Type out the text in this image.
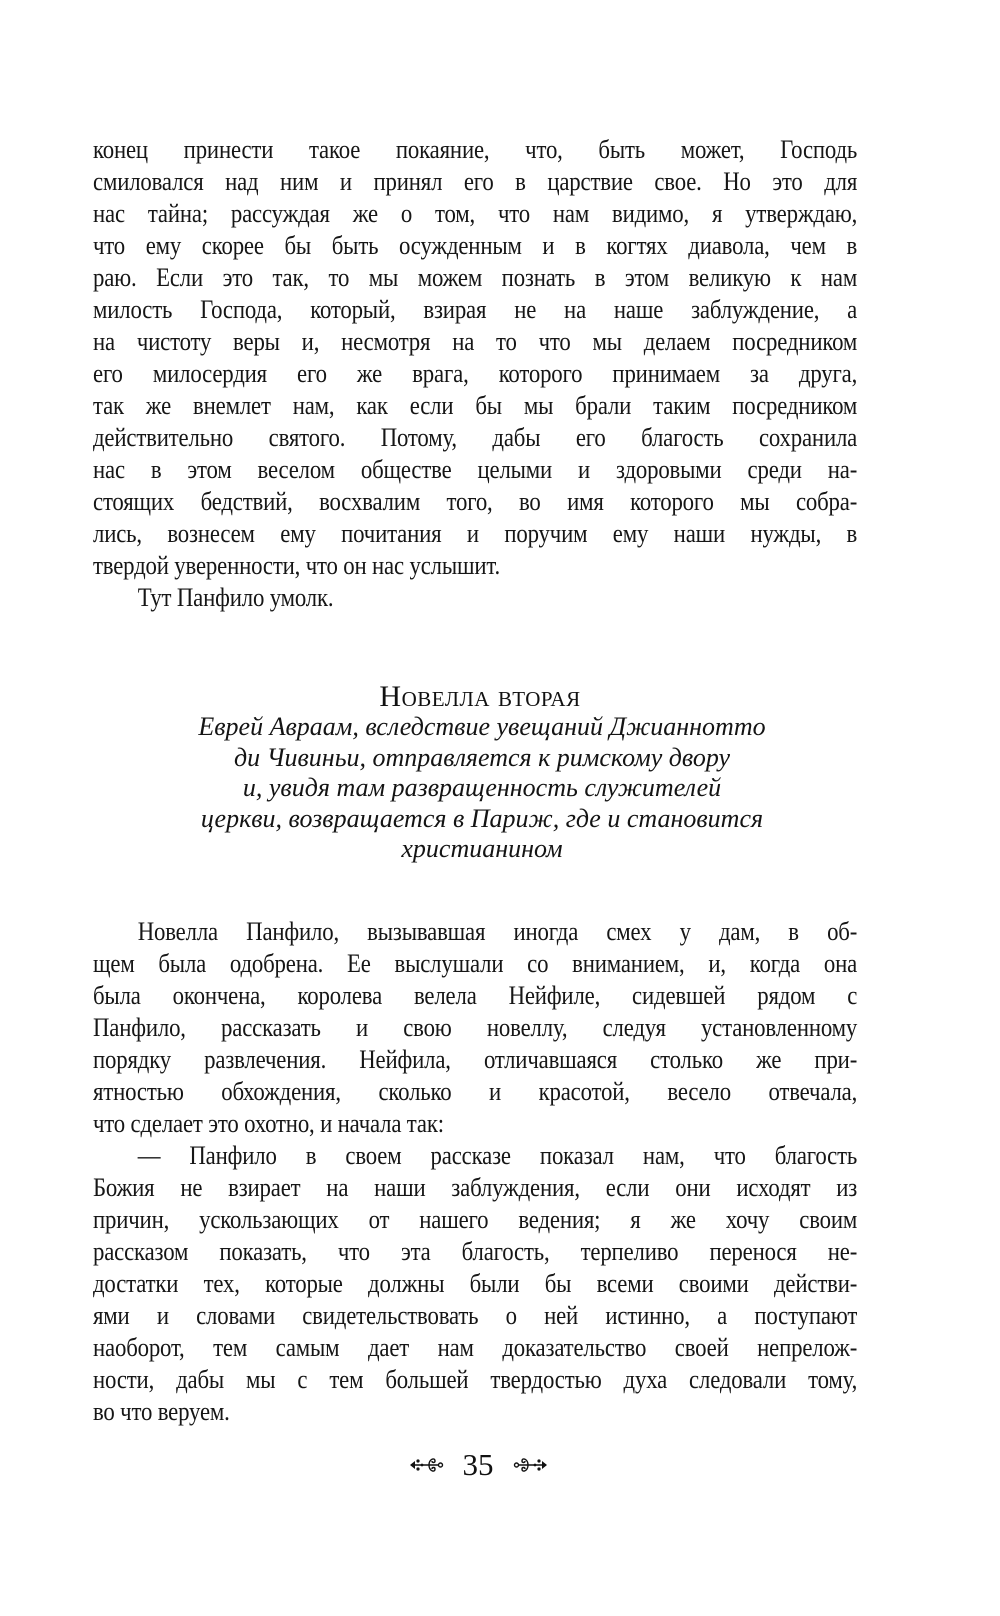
конец принести такое покаяние, что, быть может, Господь
смиловался над ним и принял его в царствие свое. Но это для
нас тайна; рассуждая же о том, что нам видимо, я утверждаю,
что ему скорее бы быть осужденным и в когтях диавола, чем в
раю. Если это так, то мы можем познать в этом великую к нам
милость Господа, который, взирая не на наше заблуждение, а
на чистоту веры и, несмотря на то что мы делаем посредником
его милосердия его же врага, которого принимаем за друга,
так же внемлет нам, как если бы мы брали таким посредником
действительно святого. Потому, дабы его благость сохранила
нас в этом веселом обществе целыми и здоровыми среди на-
стоящих бедствий, восхвалим того, во имя которого мы собра-
лись, вознесем ему почитания и поручим ему наши нужды, в
твердой уверенности, что он нас услышит.
Тут Панфило умолк.
Новелла вторая
Еврей Авраам, вследствие увещаний Джианнотто
ди Чивиньи, отправляется к римскому двору
и, увидя там развращенность служителей
церкви, возвращается в Париж, где и становится
христианином
Новелла Панфило, вызывавшая иногда смех у дам, в об-
щем была одобрена. Ее выслушали со вниманием, и, когда она
была окончена, королева велела Нейфиле, сидевшей рядом с
Панфило, рассказать и свою новеллу, следуя установленному
порядку развлечения. Нейфила, отличавшаяся столько же при-
ятностью обхождения, сколько и красотой, весело отвечала,
что сделает это охотно, и начала так:
— Панфило в своем рассказе показал нам, что благость
Божия не взирает на наши заблуждения, если они исходят из
причин, ускользающих от нашего ведения; я же хочу своим
рассказом показать, что эта благость, терпеливо перенося не-
достатки тех, которые должны были бы всеми своими действи-
ями и словами свидетельствовать о ней истинно, а поступают
наоборот, тем самым дает нам доказательство своей непрелож-
ности, дабы мы с тем большей твердостью духа следовали тому,
во что веруем.
35
